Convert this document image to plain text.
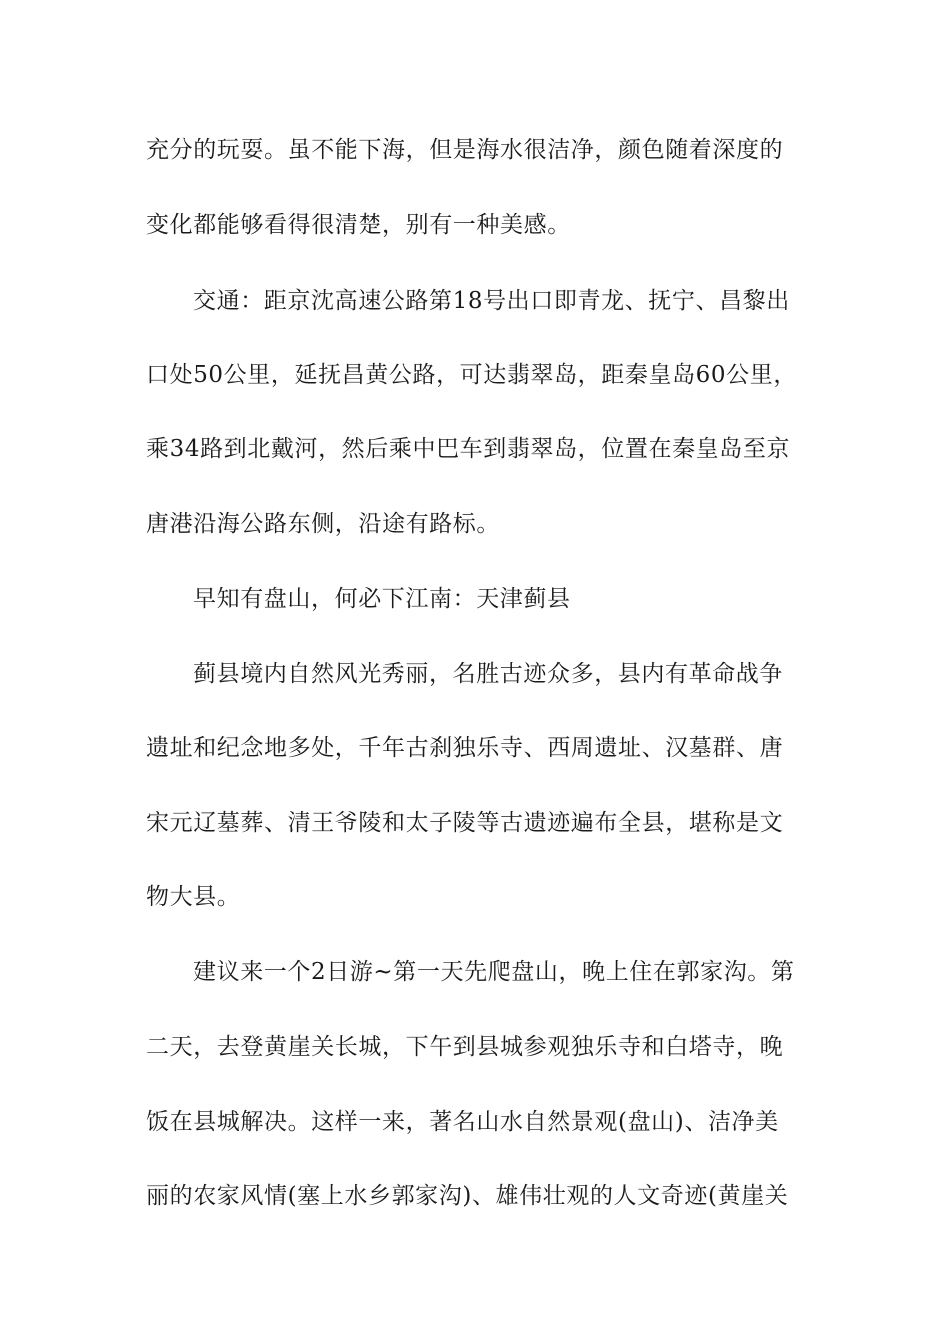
充分的玩耍。虽不能下海，但是海水很洁净，颜色随着深度的
变化都能够看得很清楚，别有一种美感。
交通：距京沈高速公路第18号出口即青龙、抚宁、昌黎出
口处50公里，延抚昌黄公路，可达翡翠岛，距秦皇岛60公里，
乘34路到北戴河，然后乘中巴车到翡翠岛，位置在秦皇岛至京
唐港沿海公路东侧，沿途有路标。
早知有盘山，何必下江南：天津蓟县
蓟县境内自然风光秀丽，名胜古迹众多，县内有革命战争
遗址和纪念地多处，千年古刹独乐寺、西周遗址、汉墓群、唐
宋元辽墓葬、清王爷陵和太子陵等古遗迹遍布全县，堪称是文
物大县。
建议来一个2日游~第一天先爬盘山，晚上住在郭家沟。第
二天，去登黄崖关长城，下午到县城参观独乐寺和白塔寺，晚
饭在县城解决。这样一来，著名山水自然景观(盘山)、洁净美
丽的农家风情(塞上水乡郭家沟)、雄伟壮观的人文奇迹(黄崖关
